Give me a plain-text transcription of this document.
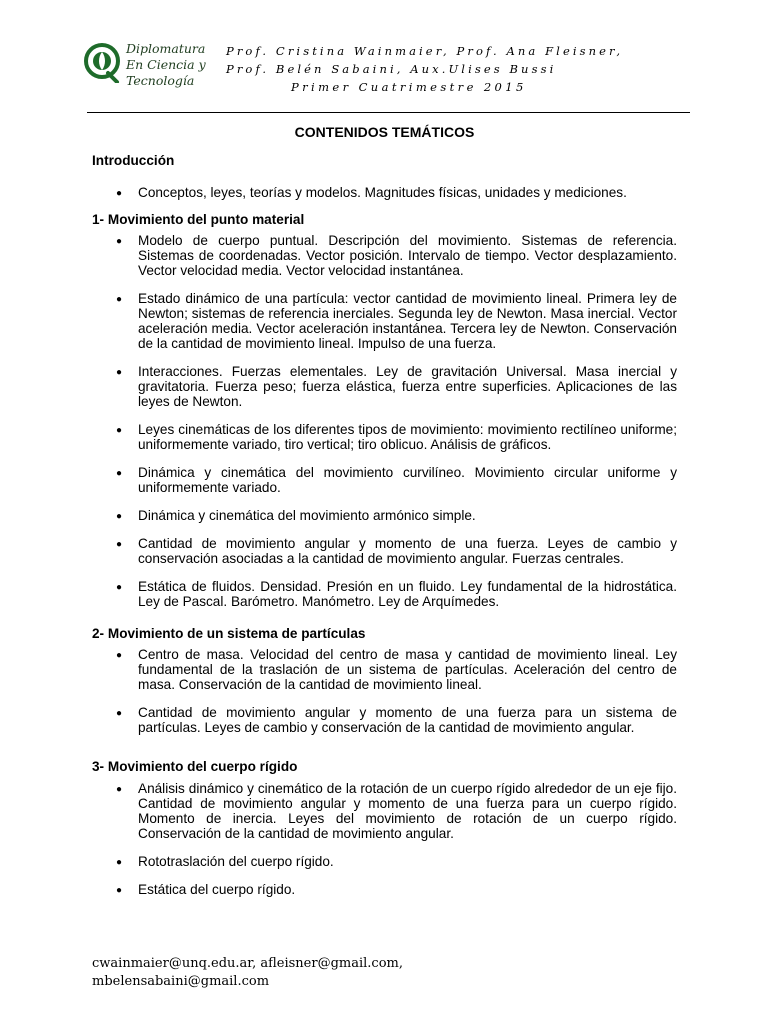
Diplomatura
En Ciencia y
Tecnología
Prof. Cristina Wainmaier, Prof. Ana Fleisner,
Prof. Belén Sabaini, Aux.Ulises Bussi
Primer Cuatrimestre 2015
CONTENIDOS TEMÁTICOS
Introducción
● Conceptos, leyes, teorías y modelos. Magnitudes físicas, unidades y mediciones.
1- Movimiento del punto material
● Modelo de cuerpo puntual. Descripción del movimiento. Sistemas de referencia. Sistemas de coordenadas. Vector posición. Intervalo de tiempo. Vector desplazamiento. Vector velocidad media. Vector velocidad instantánea.
● Estado dinámico de una partícula: vector cantidad de movimiento lineal. Primera ley de Newton; sistemas de referencia inerciales. Segunda ley de Newton. Masa inercial. Vector aceleración media. Vector aceleración instantánea. Tercera ley de Newton. Conservación de la cantidad de movimiento lineal. Impulso de una fuerza.
● Interacciones. Fuerzas elementales. Ley de gravitación Universal. Masa inercial y gravitatoria. Fuerza peso; fuerza elástica, fuerza entre superficies. Aplicaciones de las leyes de Newton.
● Leyes cinemáticas de los diferentes tipos de movimiento: movimiento rectilíneo uniforme; uniformemente variado, tiro vertical; tiro oblicuo. Análisis de gráficos.
● Dinámica y cinemática del movimiento curvilíneo. Movimiento circular uniforme y uniformemente variado.
● Dinámica y cinemática del movimiento armónico simple.
● Cantidad de movimiento angular y momento de una fuerza. Leyes de cambio y conservación asociadas a la cantidad de movimiento angular. Fuerzas centrales.
● Estática de fluidos. Densidad. Presión en un fluido. Ley fundamental de la hidrostática. Ley de Pascal. Barómetro. Manómetro. Ley de Arquímedes.
2- Movimiento de un sistema de partículas
● Centro de masa. Velocidad del centro de masa y cantidad de movimiento lineal. Ley fundamental de la traslación de un sistema de partículas. Aceleración del centro de masa. Conservación de la cantidad de movimiento lineal.
● Cantidad de movimiento angular y momento de una fuerza para un sistema de partículas. Leyes de cambio y conservación de la cantidad de movimiento angular.
3- Movimiento del cuerpo rígido
● Análisis dinámico y cinemático de la rotación de un cuerpo rígido alrededor de un eje fijo. Cantidad de movimiento angular y momento de una fuerza para un cuerpo rígido. Momento de inercia. Leyes del movimiento de rotación de un cuerpo rígido. Conservación de la cantidad de movimiento angular.
● Rototraslación del cuerpo rígido.
● Estática del cuerpo rígido.
cwainmaier@unq.edu.ar, afleisner@gmail.com,
mbelensabaini@gmail.com
